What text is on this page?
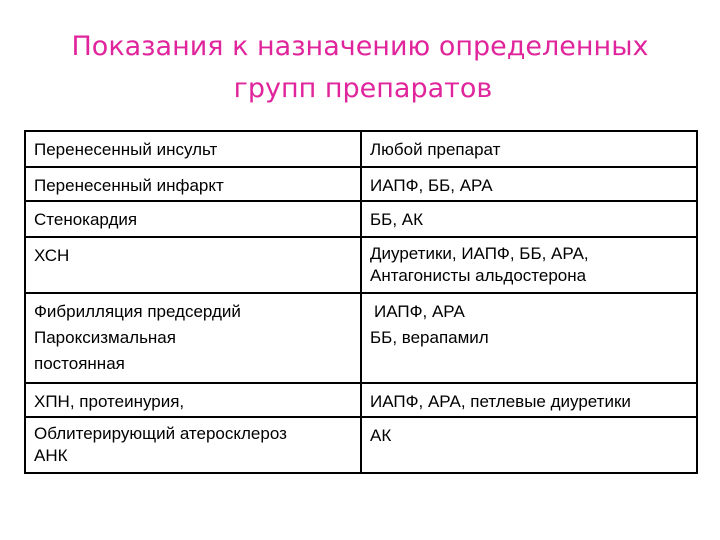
Показания к назначению определенных
групп препаратов
Перенесенный инсульт	Любой препарат

Перенесенный инфаркт	ИАПФ, ББ, АРА

Стенокардия	ББ, АК

ХСН	Диуретики, ИАПФ, ББ, АРА,
Антагонисты альдостерона

Фибрилляция предсердий
Пароксизмальная
постоянная	ИАПФ, АРА
ББ, верапамил

ХПН, протеинурия,	ИАПФ, АРА, петлевые диуретики

Облитерирующий атеросклероз
АНК	АК
